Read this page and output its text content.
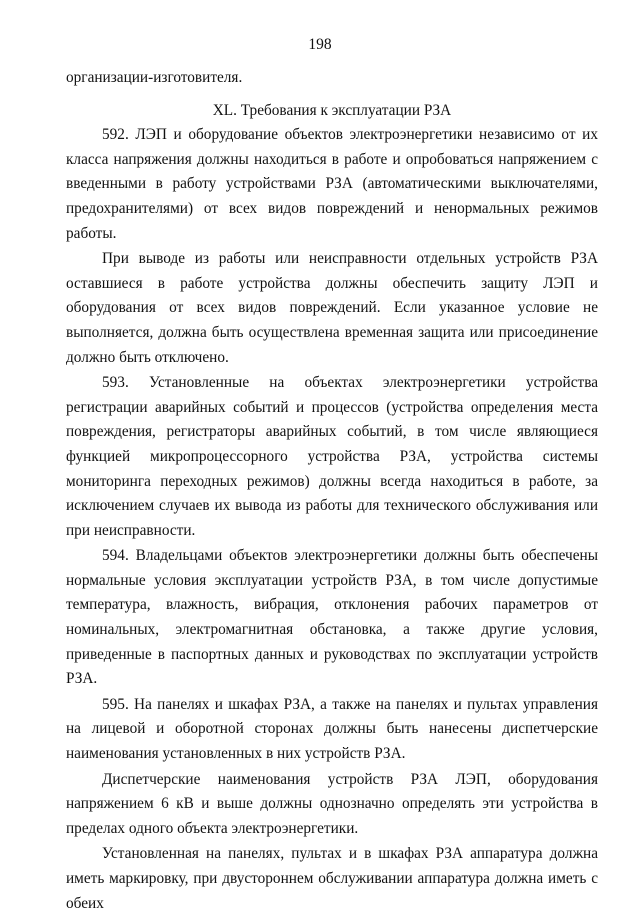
198

организации-изготовителя.

XL. Требования к эксплуатации РЗА

592. ЛЭП и оборудование объектов электроэнергетики независимо от их класса напряжения должны находиться в работе и опробоваться напряжением с введенными в работу устройствами РЗА (автоматическими выключателями, предохранителями) от всех видов повреждений и ненормальных режимов работы.

При выводе из работы или неисправности отдельных устройств РЗА оставшиеся в работе устройства должны обеспечить защиту ЛЭП и оборудования от всех видов повреждений. Если указанное условие не выполняется, должна быть осуществлена временная защита или присоединение должно быть отключено.

593. Установленные на объектах электроэнергетики устройства регистрации аварийных событий и процессов (устройства определения места повреждения, регистраторы аварийных событий, в том числе являющиеся функцией микропроцессорного устройства РЗА, устройства системы мониторинга переходных режимов) должны всегда находиться в работе, за исключением случаев их вывода из работы для технического обслуживания или при неисправности.

594. Владельцами объектов электроэнергетики должны быть обеспечены нормальные условия эксплуатации устройств РЗА, в том числе допустимые температура, влажность, вибрация, отклонения рабочих параметров от номинальных, электромагнитная обстановка, а также другие условия, приведенные в паспортных данных и руководствах по эксплуатации устройств РЗА.

595. На панелях и шкафах РЗА, а также на панелях и пультах управления на лицевой и оборотной сторонах должны быть нанесены диспетчерские наименования установленных в них устройств РЗА.

Диспетчерские наименования устройств РЗА ЛЭП, оборудования напряжением 6 кВ и выше должны однозначно определять эти устройства в пределах одного объекта электроэнергетики.

Установленная на панелях, пультах и в шкафах РЗА аппаратура должна иметь маркировку, при двустороннем обслуживании аппаратура должна иметь с обеих
